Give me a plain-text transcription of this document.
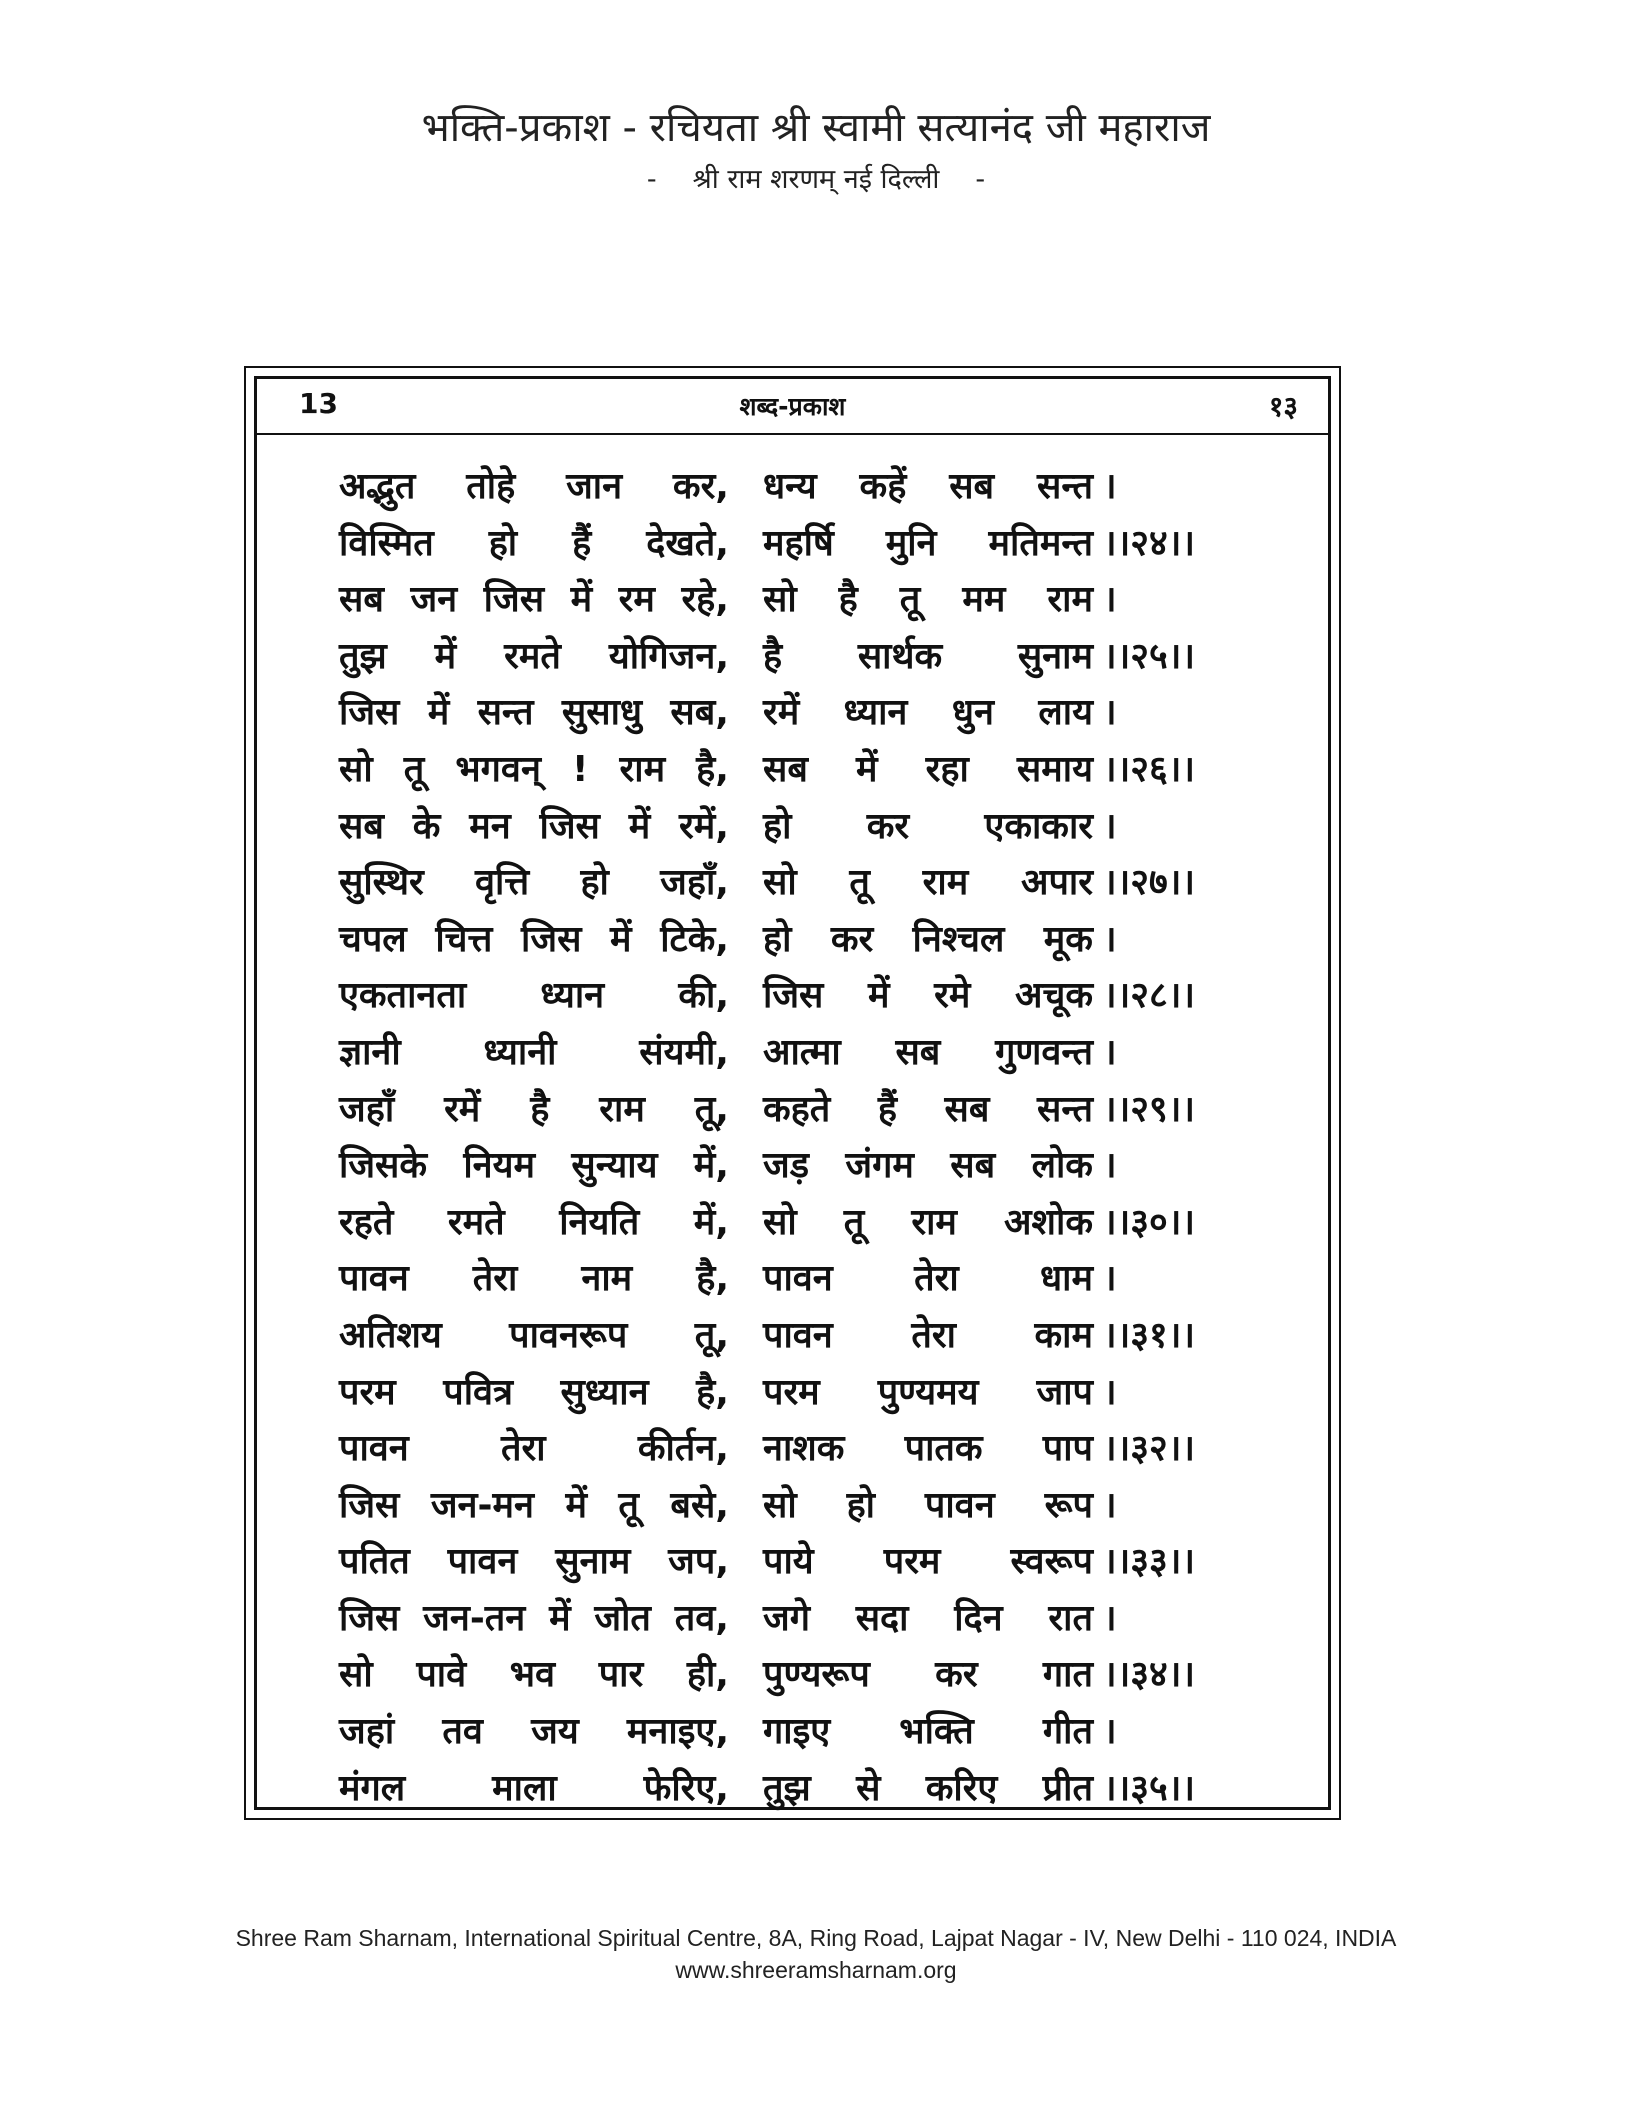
भक्ति-प्रकाश - रचियता श्री स्वामी सत्यानंद जी महाराज
- श्री राम शरणम् नई दिल्ली -
13	शब्द-प्रकाश	१३
अद्भुत तोहे जान कर, धन्य कहें सब सन्त ।
विस्मित हो हैं देखते, महर्षि मुनि मतिमन्त ।।२४।।
सब जन जिस में रम रहे, सो है तू मम राम ।
तुझ में रमते योगिजन, है सार्थक सुनाम ।।२५।।
जिस में सन्त सुसाधु सब, रमें ध्यान धुन लाय ।
सो तू भगवन् ! राम है, सब में रहा समाय ।।२६।।
सब के मन जिस में रमें, हो कर एकाकार ।
सुस्थिर वृत्ति हो जहाँ, सो तू राम अपार ।।२७।।
चपल चित्त जिस में टिके, हो कर निश्चल मूक ।
एकतानता ध्यान की, जिस में रमे अचूक ।।२८।।
ज्ञानी ध्यानी संयमी, आत्मा सब गुणवन्त ।
जहाँ रमें है राम तू, कहते हैं सब सन्त ।।२९।।
जिसके नियम सुन्याय में, जड़ जंगम सब लोक ।
रहते रमते नियति में, सो तू राम अशोक ।।३०।।
पावन तेरा नाम है, पावन तेरा धाम ।
अतिशय पावनरूप तू, पावन तेरा काम ।।३१।।
परम पवित्र सुध्यान है, परम पुण्यमय जाप ।
पावन	तेरा	कीर्तन, नाशक पातक पाप ।।३२।।
जिस जन-मन में तू बसे, सो हो पावन रूप ।
पतित पावन सुनाम जप, पाये परम स्वरूप ।।३३।।
जिस जन-तन में जोत तव, जगे सदा दिन रात ।
सो पावे भव पार ही, पुण्यरूप कर गात ।।३४।।
जहां तव जय मनाइए, गाइए भक्ति गीत ।
मंगल माला फेरिए, तुझ से करिए प्रीत ।।३५।।
Shree Ram Sharnam, International Spiritual Centre, 8A, Ring Road, Lajpat Nagar - IV, New Delhi - 110 024, INDIA
www.shreeramsharnam.org
